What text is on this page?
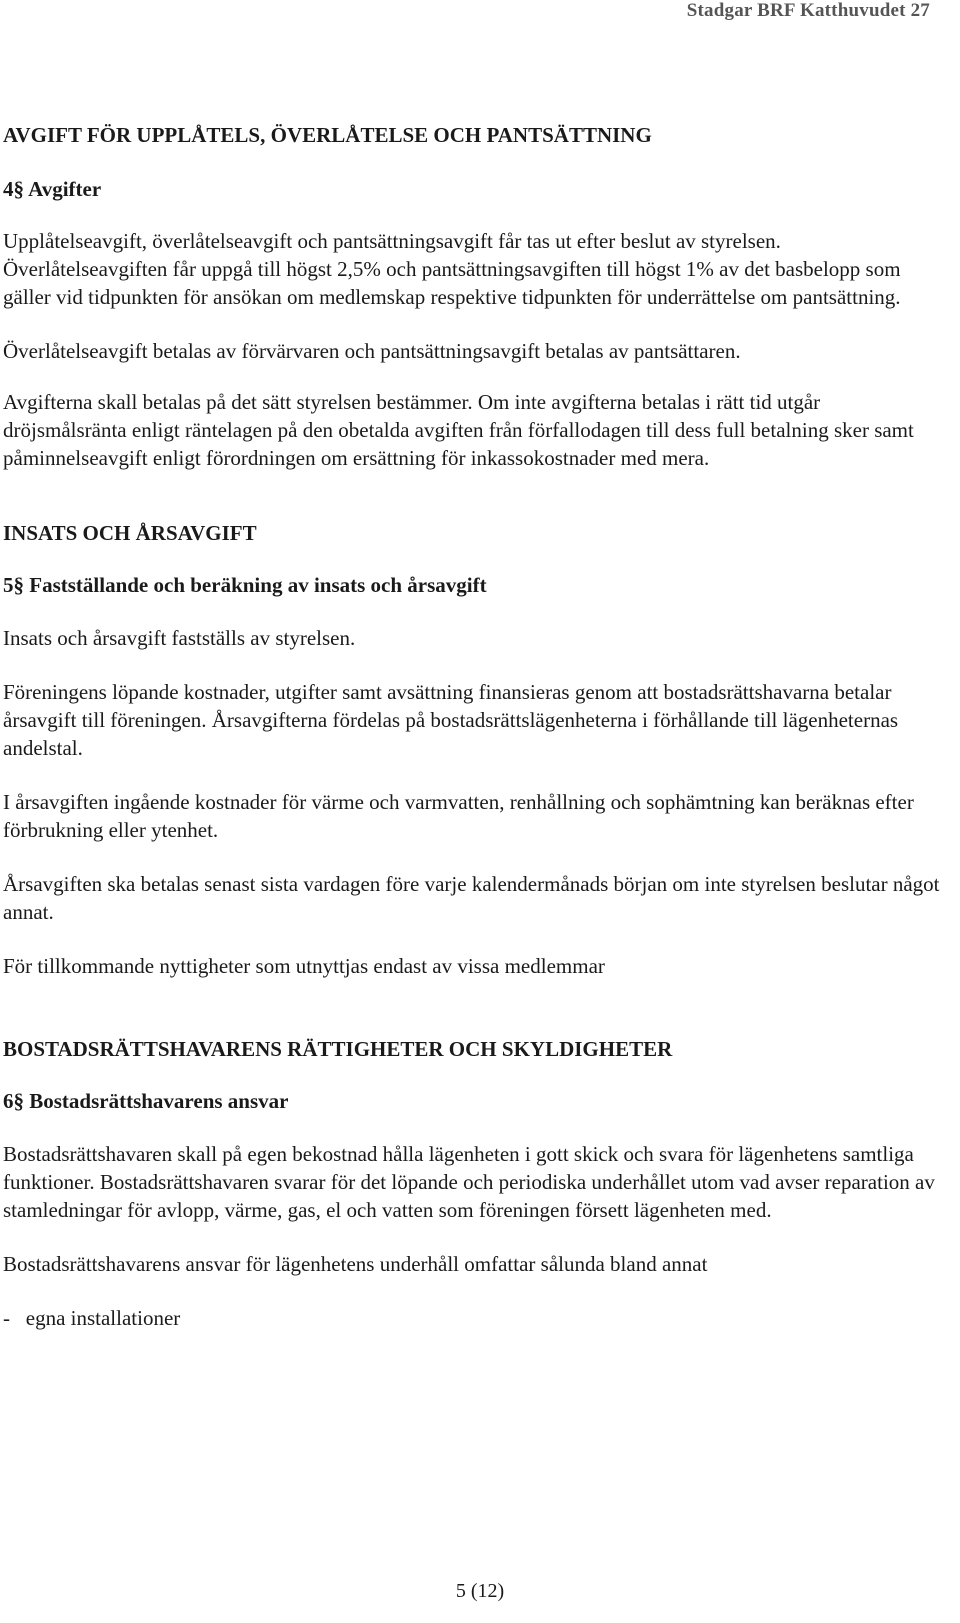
Stadgar BRF Katthuvudet 27
AVGIFT FÖR UPPLÅTELS, ÖVERLÅTELSE OCH PANTSÄTTNING
4§ Avgifter

Upplåtelseavgift, överlåtelseavgift och pantsättningsavgift får tas ut efter beslut av styrelsen. Överlåtelseavgiften får uppgå till högst 2,5% och pantsättningsavgiften till högst 1% av det basbelopp som gäller vid tidpunkten för ansökan om medlemskap respektive tidpunkten för underrättelse om pantsättning.

Överlåtelseavgift betalas av förvärvaren och pantsättningsavgift betalas av pantsättaren.

Avgifterna skall betalas på det sätt styrelsen bestämmer. Om inte avgifterna betalas i rätt tid utgår dröjsmålsränta enligt räntelagen på den obetalda avgiften från förfallodagen till dess full betalning sker samt påminnelseavgift enligt förordningen om ersättning för inkassokostnader med mera.

INSATS OCH ÅRSAVGIFT
5§ Fastställande och beräkning av insats och årsavgift

Insats och årsavgift fastställs av styrelsen.

Föreningens löpande kostnader, utgifter samt avsättning finansieras genom att bostadsrättshavarna betalar årsavgift till föreningen. Årsavgifterna fördelas på bostadsrättslägenheterna i förhållande till lägenheternas andelstal.

I årsavgiften ingående kostnader för värme och varmvatten, renhållning och sophämtning kan beräknas efter förbrukning eller ytenhet.

Årsavgiften ska betalas senast sista vardagen före varje kalendermånads början om inte styrelsen beslutar något annat.

För tillkommande nyttigheter som utnyttjas endast av vissa medlemmar

BOSTADSRÄTTSHAVARENS RÄTTIGHETER OCH SKYLDIGHETER
6§ Bostadsrättshavarens ansvar

Bostadsrättshavaren skall på egen bekostnad hålla lägenheten i gott skick och svara för lägenhetens samtliga funktioner. Bostadsrättshavaren svarar för det löpande och periodiska underhållet utom vad avser reparation av stamledningar för avlopp, värme, gas, el och vatten som föreningen försett lägenheten med.

Bostadsrättshavarens ansvar för lägenhetens underhåll omfattar sålunda bland annat

-   egna installationer

5 (12)
